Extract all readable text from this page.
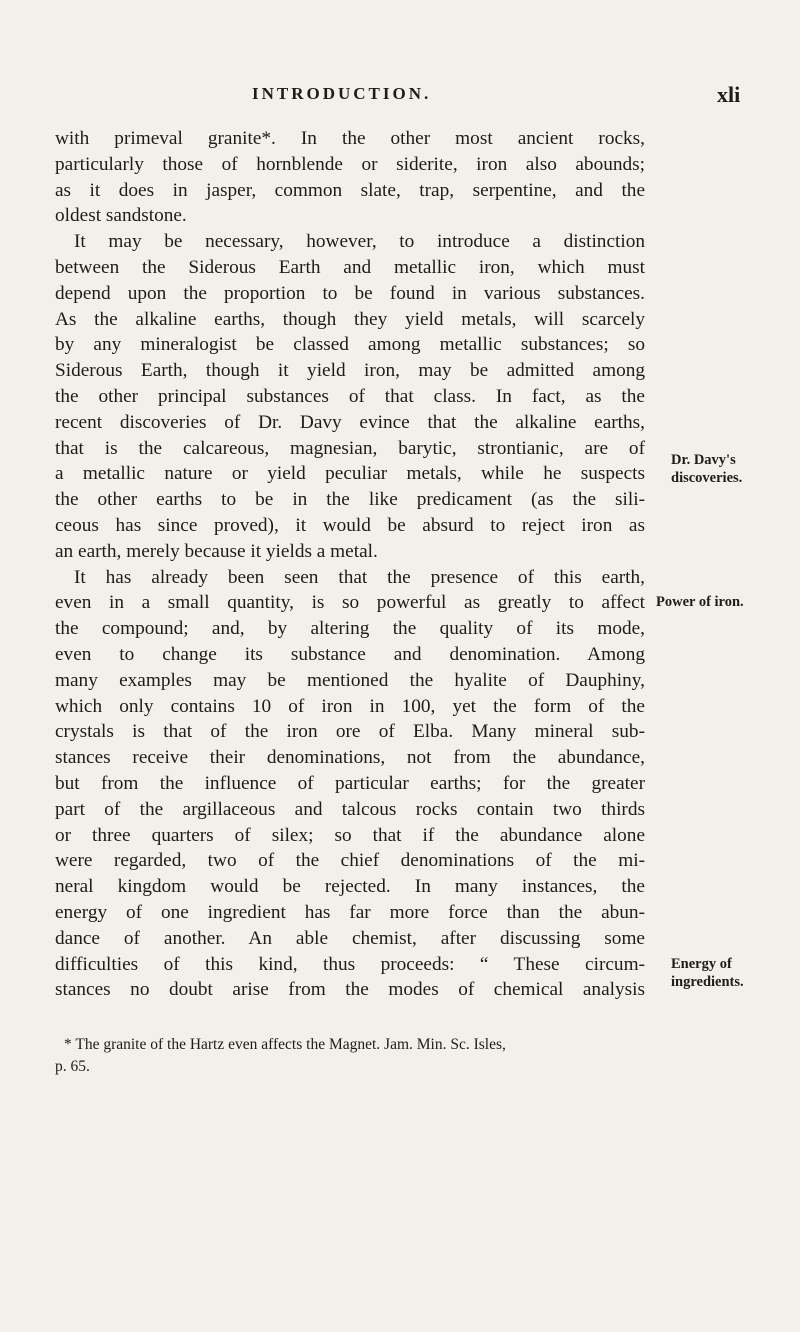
INTRODUCTION.	xli
with primeval granite*. In the other most ancient rocks,
particularly those of hornblende or siderite, iron also abounds;
as it does in jasper, common slate, trap, serpentine, and the
oldest sandstone.
It may be necessary, however, to introduce a distinction
between the Siderous Earth and metallic iron, which must
depend upon the proportion to be found in various substances.
As the alkaline earths, though they yield metals, will scarcely
by any mineralogist be classed among metallic substances; so
Siderous Earth, though it yield iron, may be admitted among
the other principal substances of that class. In fact, as the
recent discoveries of Dr. Davy evince that the alkaline earths,
that is the calcareous, magnesian, barytic, strontianic, are of
a metallic nature or yield peculiar metals, while he suspects
the other earths to be in the like predicament (as the sili-
ceous has since proved), it would be absurd to reject iron as
an earth, merely because it yields a metal.
It has already been seen that the presence of this earth,
even in a small quantity, is so powerful as greatly to affect
the compound; and, by altering the quality of its mode,
even to change its substance and denomination. Among
many examples may be mentioned the hyalite of Dauphiny,
which only contains 10 of iron in 100, yet the form of the
crystals is that of the iron ore of Elba. Many mineral sub-
stances receive their denominations, not from the abundance,
but from the influence of particular earths; for the greater
part of the argillaceous and talcous rocks contain two thirds
or three quarters of silex; so that if the abundance alone
were regarded, two of the chief denominations of the mi-
neral kingdom would be rejected. In many instances, the
energy of one ingredient has far more force than the abun-
dance of another. An able chemist, after discussing some
difficulties of this kind, thus proceeds: “ These circum-
stances no doubt arise from the modes of chemical analysis
Dr. Davy's
discoveries.
Power of iron.
Energy of
ingredients.
* The granite of the Hartz even affects the Magnet. Jam. Min. Sc. Isles,
p. 65.
